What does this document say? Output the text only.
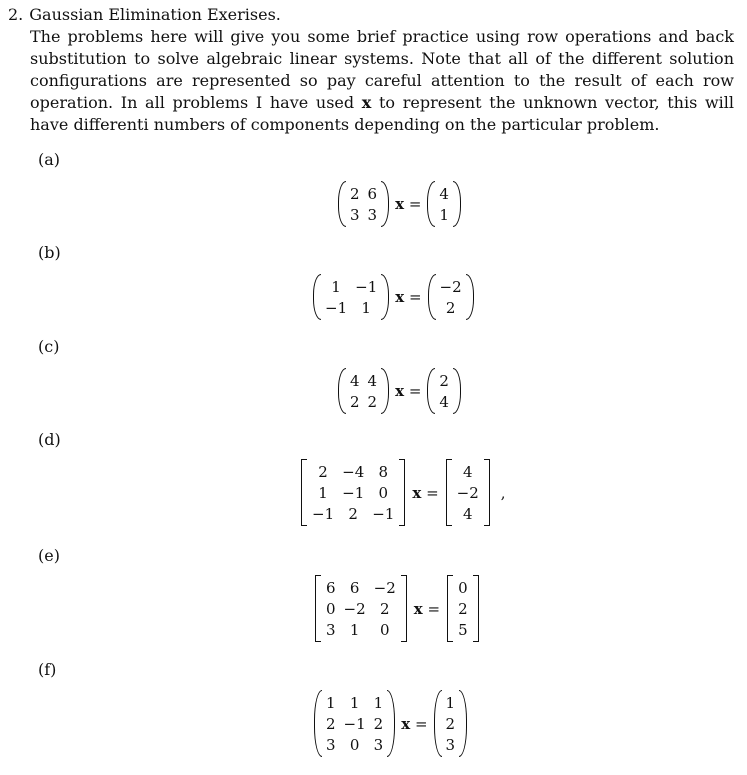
2. Gaussian Elimination Exerises.
The problems here will give you some brief practice using row operations and back substitution to solve algebraic linear systems. Note that all of the different solution configurations are represented so pay careful attention to the result of each row operation. In all problems I have used x to represent the unknown vector, this will have differenti numbers of components depending on the particular problem.
(a)
(b)
(c)
(d)
(e)
(f)
2 6
3 3
x =
4
1
1 −1
−1 1
x =
−2
2
4 4
2 2
x =
2
4
2 −4 8
1 −1 0
−1 2 −1
x =
4
−2
4
,
6 6 −2
0 −2 2
3 1	0
x =
0
2
5
1 1 1
2 −1 2
3 0 3
x =
1
2
3
